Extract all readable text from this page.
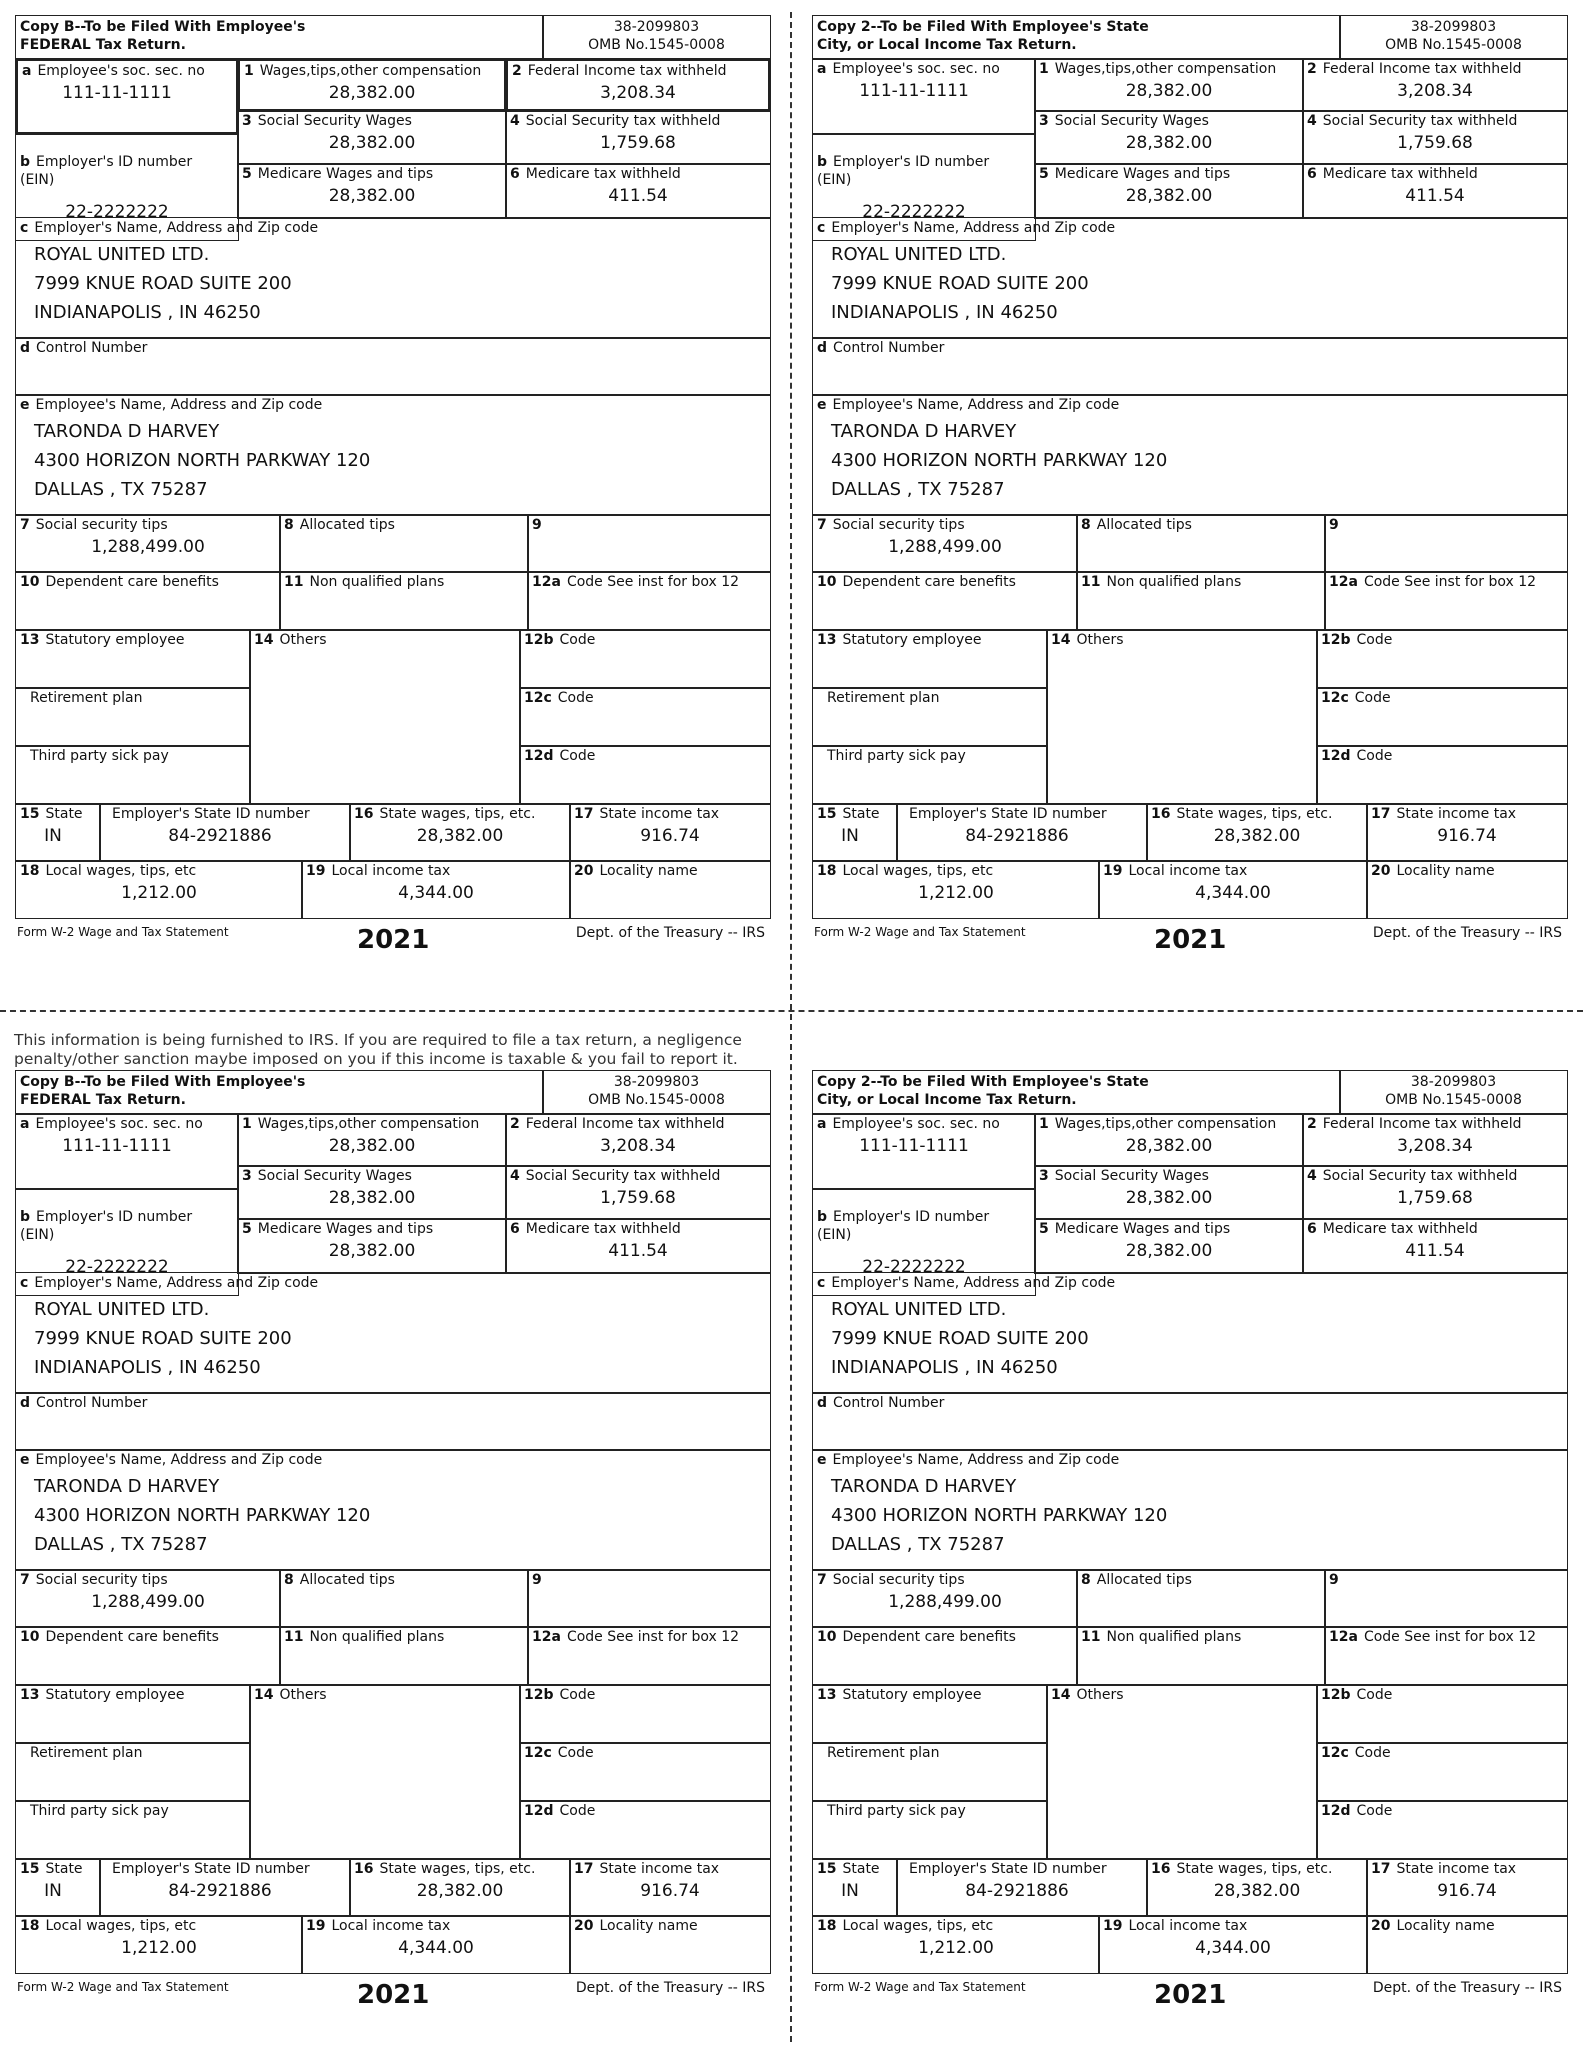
This information is being furnished to IRS. If you are required to file a tax return, a negligence penalty/other sanction maybe imposed on you if this income is taxable & you fail to report it.
Copy B--To be Filed With Employee's
FEDERAL Tax Return.
38-2099803
OMB No.1545-0008
a Employee's soc. sec. no
111-11-1111
b Employer's ID number
(EIN)
22-2222222
1 Wages,tips,other compensation
28,382.00
2 Federal Income tax withheld
3,208.34
3 Social Security Wages
28,382.00
4 Social Security tax withheld
1,759.68
5 Medicare Wages and tips
28,382.00
6 Medicare tax withheld
411.54
c Employer's Name, Address and Zip code
ROYAL UNITED LTD.
7999 KNUE ROAD SUITE 200
INDIANAPOLIS , IN 46250
d Control Number
e Employee's Name, Address and Zip code
TARONDA D HARVEY
4300 HORIZON NORTH PARKWAY 120
DALLAS , TX 75287
7 Social security tips
1,288,499.00
8 Allocated tips	9
10 Dependent care benefits	11 Non qualified plans	12a Code See inst for box 12
13 Statutory employee
Retirement plan
Third party sick pay
14 Others	12b Code
12c Code
12d Code
15 State
IN
Employer's State ID number
84-2921886
16 State wages, tips, etc.
28,382.00
17 State income tax
916.74
18 Local wages, tips, etc
1,212.00
19 Local income tax
4,344.00
20 Locality name
Form W-2 Wage and Tax Statement	2021	Dept. of the Treasury -- IRS
Copy 2--To be Filed With Employee's State
City, or Local Income Tax Return.
38-2099803
OMB No.1545-0008
a Employee's soc. sec. no
111-11-1111
b Employer's ID number
(EIN)
22-2222222
1 Wages,tips,other compensation
28,382.00
2 Federal Income tax withheld
3,208.34
3 Social Security Wages
28,382.00
4 Social Security tax withheld
1,759.68
5 Medicare Wages and tips
28,382.00
6 Medicare tax withheld
411.54
c Employer's Name, Address and Zip code
ROYAL UNITED LTD.
7999 KNUE ROAD SUITE 200
INDIANAPOLIS , IN 46250
d Control Number
e Employee's Name, Address and Zip code
TARONDA D HARVEY
4300 HORIZON NORTH PARKWAY 120
DALLAS , TX 75287
7 Social security tips
1,288,499.00
8 Allocated tips	9
10 Dependent care benefits	11 Non qualified plans	12a Code See inst for box 12
13 Statutory employee
Retirement plan
Third party sick pay
14 Others	12b Code
12c Code
12d Code
15 State
IN
Employer's State ID number
84-2921886
16 State wages, tips, etc.
28,382.00
17 State income tax
916.74
18 Local wages, tips, etc
1,212.00
19 Local income tax
4,344.00
20 Locality name
Form W-2 Wage and Tax Statement	2021	Dept. of the Treasury -- IRS
Copy B--To be Filed With Employee's
FEDERAL Tax Return.
38-2099803
OMB No.1545-0008
a Employee's soc. sec. no
111-11-1111
b Employer's ID number
(EIN)
22-2222222
1 Wages,tips,other compensation
28,382.00
2 Federal Income tax withheld
3,208.34
3 Social Security Wages
28,382.00
4 Social Security tax withheld
1,759.68
5 Medicare Wages and tips
28,382.00
6 Medicare tax withheld
411.54
c Employer's Name, Address and Zip code
ROYAL UNITED LTD.
7999 KNUE ROAD SUITE 200
INDIANAPOLIS , IN 46250
d Control Number
e Employee's Name, Address and Zip code
TARONDA D HARVEY
4300 HORIZON NORTH PARKWAY 120
DALLAS , TX 75287
7 Social security tips
1,288,499.00
8 Allocated tips	9
10 Dependent care benefits	11 Non qualified plans	12a Code See inst for box 12
13 Statutory employee
Retirement plan
Third party sick pay
14 Others	12b Code
12c Code
12d Code
15 State
IN
Employer's State ID number
84-2921886
16 State wages, tips, etc.
28,382.00
17 State income tax
916.74
18 Local wages, tips, etc
1,212.00
19 Local income tax
4,344.00
20 Locality name
Form W-2 Wage and Tax Statement	2021	Dept. of the Treasury -- IRS
Copy 2--To be Filed With Employee's State
City, or Local Income Tax Return.
38-2099803
OMB No.1545-0008
a Employee's soc. sec. no
111-11-1111
b Employer's ID number
(EIN)
22-2222222
1 Wages,tips,other compensation
28,382.00
2 Federal Income tax withheld
3,208.34
3 Social Security Wages
28,382.00
4 Social Security tax withheld
1,759.68
5 Medicare Wages and tips
28,382.00
6 Medicare tax withheld
411.54
c Employer's Name, Address and Zip code
ROYAL UNITED LTD.
7999 KNUE ROAD SUITE 200
INDIANAPOLIS , IN 46250
d Control Number
e Employee's Name, Address and Zip code
TARONDA D HARVEY
4300 HORIZON NORTH PARKWAY 120
DALLAS , TX 75287
7 Social security tips
1,288,499.00
8 Allocated tips	9
10 Dependent care benefits	11 Non qualified plans	12a Code See inst for box 12
13 Statutory employee
Retirement plan
Third party sick pay
14 Others	12b Code
12c Code
12d Code
15 State
IN
Employer's State ID number
84-2921886
16 State wages, tips, etc.
28,382.00
17 State income tax
916.74
18 Local wages, tips, etc
1,212.00
19 Local income tax
4,344.00
20 Locality name
Form W-2 Wage and Tax Statement	2021	Dept. of the Treasury -- IRS
